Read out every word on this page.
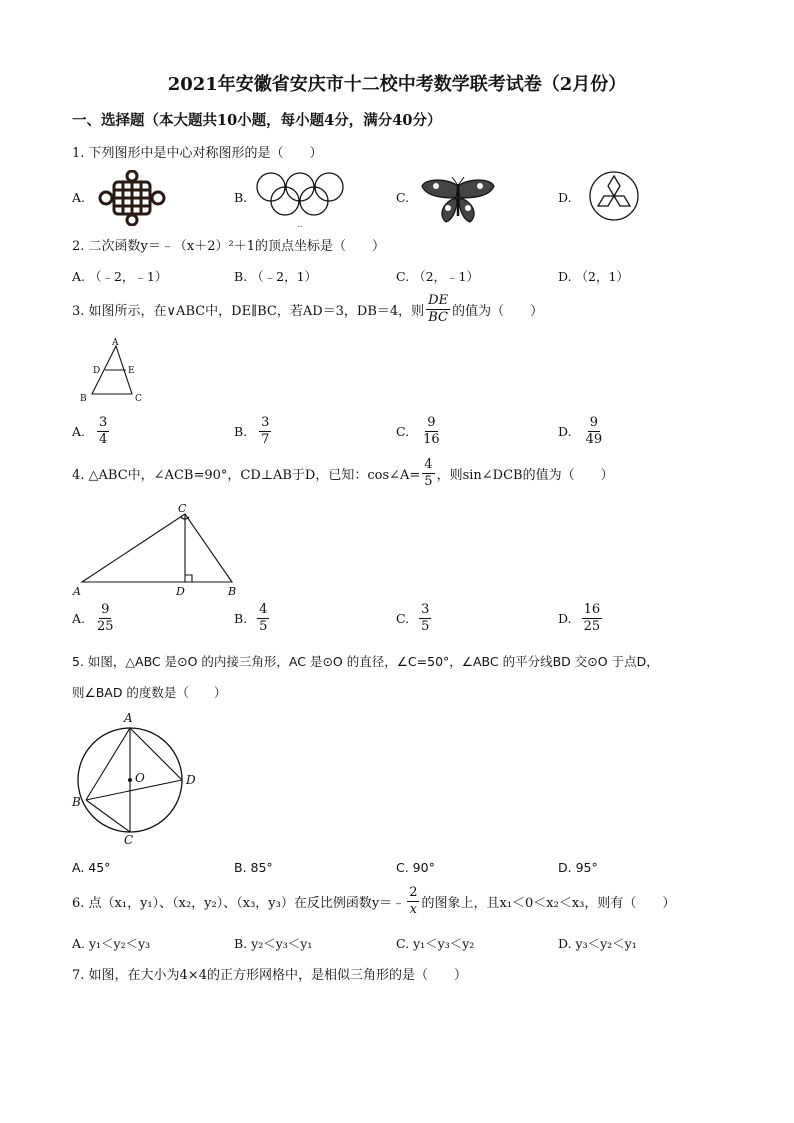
2021年安徽省安庆市十二校中考数学联考试卷（2月份）
一、选择题（本大题共10小题，每小题4分，满分40分）
1. 下列图形中是中心对称图形的是（　　）
A.	B.	C.	D.
‥
2. 二次函数y＝﹣（x＋2）²＋1的顶点坐标是（　　）
A. （﹣2，﹣1）	B. （﹣2，1）	C. （2，﹣1）	D. （2，1）
3. 如图所示，在∨ABC中，DE∥BC，若AD＝3，DB＝4，则 $\frac{DE}{BC}$ 的值为（　　）
A
D	E
B	C
A. $\frac{3}{4}$	B. $\frac{3}{7}$	C. $\frac{9}{16}$	D. $\frac{9}{49}$
4. △ABC中，∠ACB=90°，CD⊥AB于D，已知：cos∠A= $\frac{4}{5}$ ，则sin∠DCB的值为（　　）
C
A	D	B
A. $\frac{9}{25}$	B. $\frac{4}{5}$	C. $\frac{3}{5}$	D. $\frac{16}{25}$
5. 如图，△ABC 是⊙O 的内接三角形，AC 是⊙O 的直径，∠C=50°，∠ABC 的平分线BD 交⊙O 于点D，
则∠BAD 的度数是（　　）
A
O	D
B
C
A. 45°	B. 85°	C. 90°	D. 95°
6. 点（x₁，y₁）、（x₂，y₂）、（x₃，y₃）在反比例函数y＝﹣ $\frac{2}{x}$ 的图象上，且x₁＜0＜x₂＜x₃，则有（　　）
A. y₁＜y₂＜y₃	B. y₂＜y₃＜y₁	C. y₁＜y₃＜y₂	D. y₃＜y₂＜y₁
7. 如图，在大小为4×4的正方形网格中，是相似三角形的是（　　）
